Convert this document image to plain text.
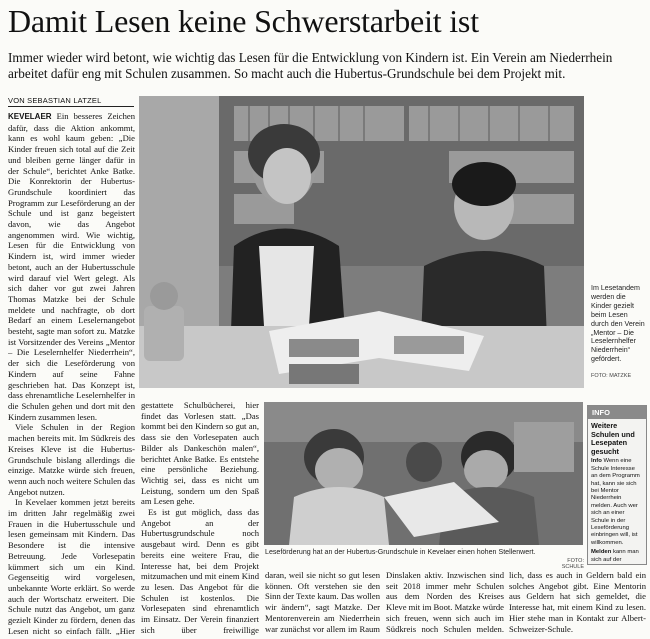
Damit Lesen keine Schwerstarbeit ist
Immer wieder wird betont, wie wichtig das Lesen für die Entwicklung von Kindern ist. Ein Verein am Niederrhein arbeitet dafür eng mit Schulen zusammen. So macht auch die Hubertus-Grundschule bei dem Projekt mit.
VON SEBASTIAN LATZEL

KEVELAER Ein besseres Zeichen dafür, dass die Aktion ankommt, kann es wohl kaum geben: „Die Kinder freuen sich total auf die Zeit und bleiben gerne länger dafür in der Schule“, berichtet Anke Batke. Die Konrektorin der Hubertus-Grundschule koordiniert das Programm zur Leseförderung an der Schule und ist ganz begeistert davon, wie das Angebot angenommen wird. Wie wichtig, Lesen für die Entwicklung von Kindern ist, wird immer wieder betont, auch an der Hubertusschule wird darauf viel Wert gelegt. Als sich daher vor gut zwei Jahren Thomas Matzke bei der Schule meldete und nachfragte, ob dort Bedarf an einem Leselernangebot besteht, sagte man sofort zu. Matzke ist Vorsitzender des Vereins „Mentor – Die Leselernhelfer Niederrhein“, der sich die Leseförderung von Kindern auf seine Fahne geschrieben hat. Das Konzept ist, dass ehrenamtliche Leselernhelfer in die Schulen gehen und dort mit den Kindern zusammen lesen.

Viele Schulen in der Region machen bereits mit. Im Südkreis des Kreises Kleve ist die Hubertus-Grundschule bislang allerdings die einzige. Matzke würde sich freuen, wenn auch noch weitere Schulen das Angebot nutzen.

In Kevelaer kommen jetzt bereits im dritten Jahr regelmäßig zwei Frauen in die Hubertusschule und lesen gemeinsam mit Kindern. Das Besondere ist die intensive Betreuung. Jede Vorlesepatin kümmert sich um ein Kind. Gegenseitig wird vorgelesen, unbekannte Worte erklärt. So werde auch der Wortschatz erweitert. Die Schule nutzt das Angebot, um ganz gezielt Kinder zu fördern, denen das Lesen nicht so einfach fällt. „Hier

Im Lesetandem werden die Kinder gezielt beim Lesen durch den Verein „Mentor – Die Leselernhelfer Niederrhein“ gefördert.
FOTO: MATZKE

gestattete Schulbücherei, hier findet das Vorlesen statt. „Das kommt bei den Kindern so gut an, dass sie den Vorlesepaten auch Bilder als Dankeschön malen“, berichtet Anke Batke. Es entstehe eine persönliche Beziehung. Wichtig sei, dass es nicht um Leistung, sondern um den Spaß am Lesen gehe.

Es ist gut möglich, dass das Angebot an der Hubertusgrundschule noch ausgebaut wird. Denn es gibt bereits eine weitere Frau, die Interesse hat, bei dem Projekt mitzumachen und mit einem Kind zu lesen. Das Angebot für die Schulen ist kostenlos. Die Vorlesepaten sind ehrenamtlich im Einsatz. Der Verein finanziert sich über freiwillige

Leseförderung hat an der Hubertus-Grundschule in Kevelaer einen hohen Stellenwert.
FOTO: SCHULE

daran, weil sie nicht so gut lesen können. Oft verstehen sie den Sinn der Texte kaum. Das wollen wir ändern“, sagt Matzke. Der Mentorenverein am Niederrhein war zunächst vor allem im Raum

Dinslaken aktiv. Inzwischen sind seit 2018 immer mehr Schulen aus dem Norden des Kreises Kleve mit im Boot. Matzke würde sich freuen, wenn sich auch im Südkreis noch Schulen melden.

lich, dass es auch in Geldern bald ein solches Angebot gibt. Eine Mentorin aus Geldern hat sich gemeldet, die Interesse hat, mit einem Kind zu lesen. Hier stehe man in Kontakt zur Albert-Schweizer-Schule.

INFO
Weitere Schulen und Lesepaten gesucht
Info Wenn eine Schule Interesse an dem Programm hat, kann sie sich bei Mentor Niederrhein melden. Auch wer sich an einer Schule in der Leseförderung einbringen will, ist willkommen.
Melden kann man sich auf der
